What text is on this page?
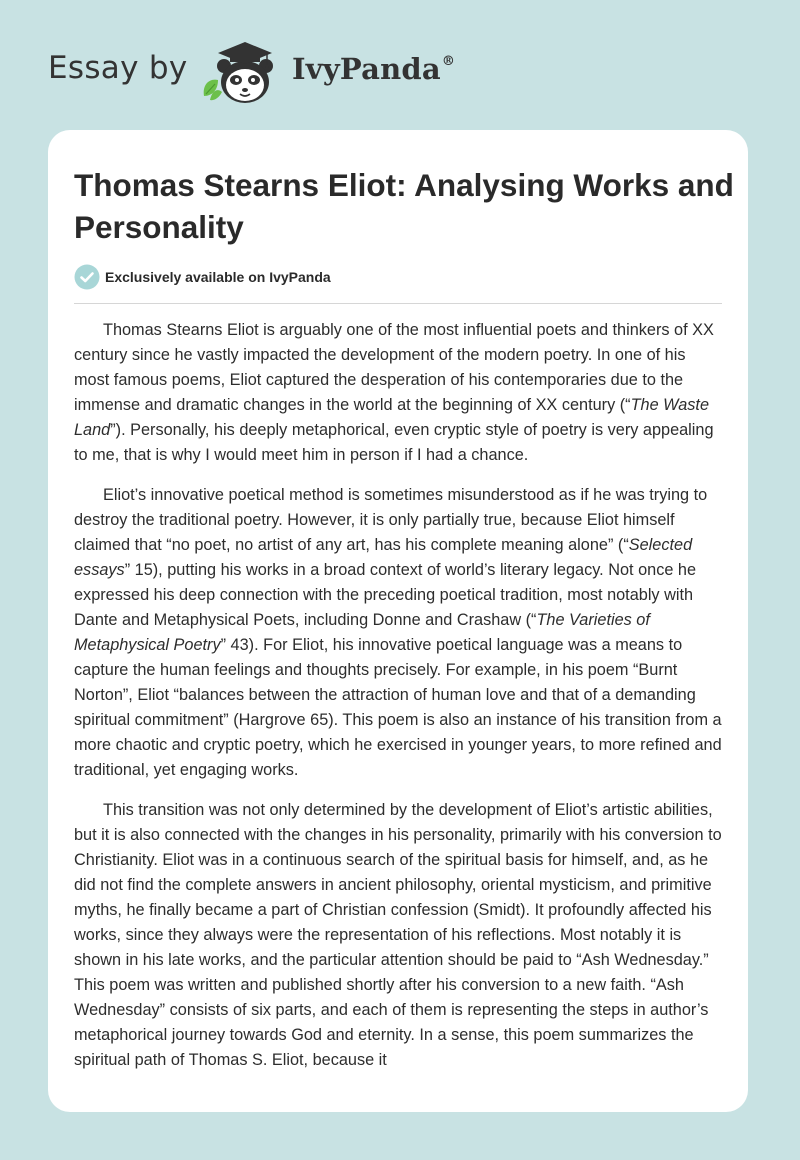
Essay by	IvyPanda®
Thomas Stearns Eliot: Analysing Works and Personality
Exclusively available on IvyPanda

Thomas Stearns Eliot is arguably one of the most influential poets and thinkers of XX century since he vastly impacted the development of the modern poetry. In one of his most famous poems, Eliot captured the desperation of his contemporaries due to the immense and dramatic changes in the world at the beginning of XX century (“The Waste Land”). Personally, his deeply metaphorical, even cryptic style of poetry is very appealing to me, that is why I would meet him in person if I had a chance.

Eliot’s innovative poetical method is sometimes misunderstood as if he was trying to destroy the traditional poetry. However, it is only partially true, because Eliot himself claimed that “no poet, no artist of any art, has his complete meaning alone” (“Selected essays” 15), putting his works in a broad context of world’s literary legacy. Not once he expressed his deep connection with the preceding poetical tradition, most notably with Dante and Metaphysical Poets, including Donne and Crashaw (“The Varieties of Metaphysical Poetry” 43). For Eliot, his innovative poetical language was a means to capture the human feelings and thoughts precisely. For example, in his poem “Burnt Norton”, Eliot “balances between the attraction of human love and that of a demanding spiritual commitment” (Hargrove 65). This poem is also an instance of his transition from a more chaotic and cryptic poetry, which he exercised in younger years, to more refined and traditional, yet engaging works.

This transition was not only determined by the development of Eliot’s artistic abilities, but it is also connected with the changes in his personality, primarily with his conversion to Christianity. Eliot was in a continuous search of the spiritual basis for himself, and, as he did not find the complete answers in ancient philosophy, oriental mysticism, and primitive myths, he finally became a part of Christian confession (Smidt). It profoundly affected his works, since they always were the representation of his reflections. Most notably it is shown in his late works, and the particular attention should be paid to “Ash Wednesday.” This poem was written and published shortly after his conversion to a new faith. “Ash Wednesday” consists of six parts, and each of them is representing the steps in author’s metaphorical journey towards God and eternity. In a sense, this poem summarizes the spiritual path of Thomas S. Eliot, because it
